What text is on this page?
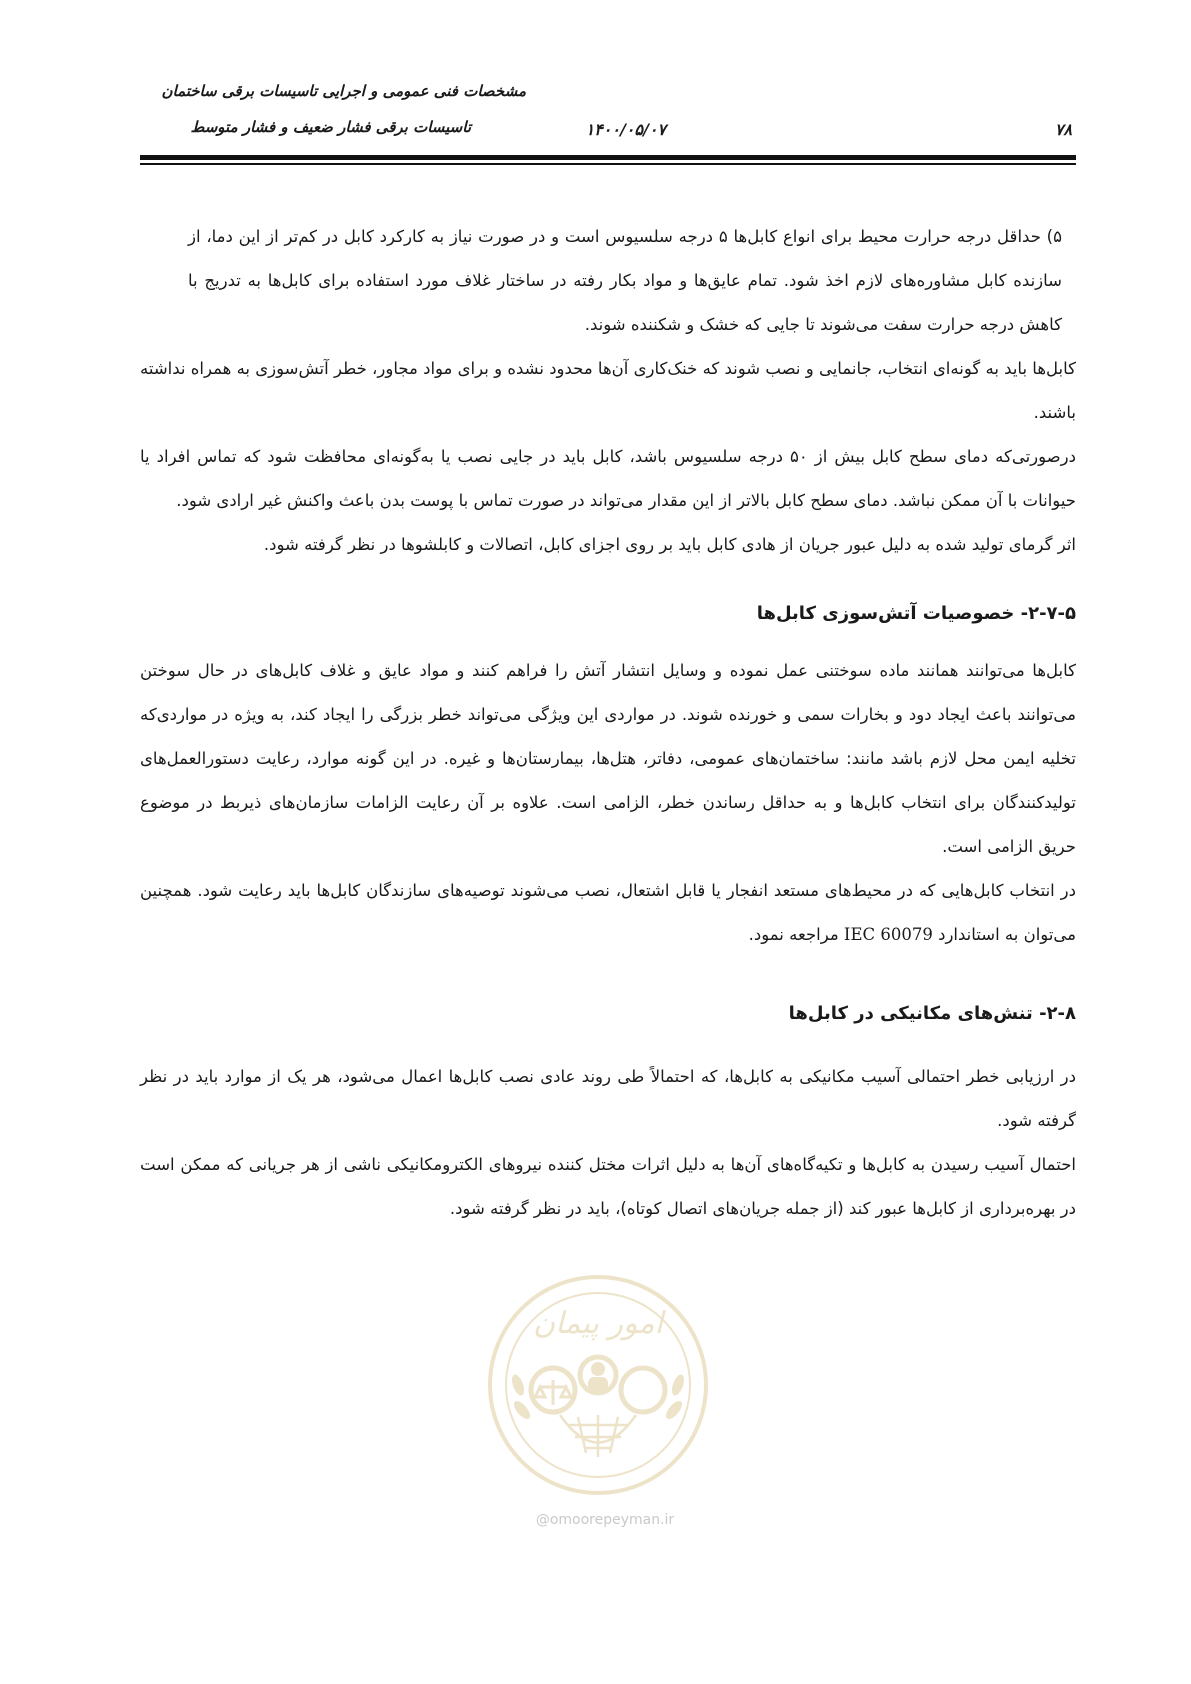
مشخصات فنی عمومی و اجرایی تاسیسات برقی ساختمان
تاسیسات برقی فشار ضعیف و فشار متوسط	۱۴۰۰/۰۵/۰۷	۷۸

۵) حداقل درجه حرارت محیط برای انواع کابل‌ها ۵ درجه سلسیوس است و در صورت نیاز به کارکرد کابل در کم‌تر از این دما، از سازنده کابل مشاوره‌های لازم اخذ شود. تمام عایق‌ها و مواد بکار رفته در ساختار غلاف مورد استفاده برای کابل‌ها به تدریج با کاهش درجه حرارت سفت می‌شوند تا جایی که خشک و شکننده شوند.

کابل‌ها باید به گونه‌ای انتخاب، جانمایی و نصب شوند که خنک‌کاری آن‌ها محدود نشده و برای مواد مجاور، خطر آتش‌سوزی به همراه نداشته باشند.

درصورتی‌که دمای سطح کابل بیش از ۵۰ درجه سلسیوس باشد، کابل باید در جایی نصب یا به‌گونه‌ای محافظت شود که تماس افراد یا حیوانات با آن ممکن نباشد. دمای سطح کابل بالاتر از این مقدار می‌تواند در صورت تماس با پوست بدن باعث واکنش غیر ارادی شود.

اثر گرمای تولید شده به دلیل عبور جریان از هادی کابل باید بر روی اجزای کابل، اتصالات و کابلشوها در نظر گرفته شود.

۲-۷-۵- خصوصیات آتش‌سوزی کابل‌ها

کابل‌ها می‌توانند همانند ماده سوختنی عمل نموده و وسایل انتشار آتش را فراهم کنند و مواد عایق و غلاف کابل‌های در حال سوختن می‌توانند باعث ایجاد دود و بخارات سمی و خورنده شوند. در مواردی این ویژگی می‌تواند خطر بزرگی را ایجاد کند، به ویژه در مواردی‌که تخلیه ایمن محل لازم باشد مانند: ساختمان‌های عمومی، دفاتر، هتل‌ها، بیمارستان‌ها و غیره. در این گونه موارد، رعایت دستورالعمل‌های تولیدکنندگان برای انتخاب کابل‌ها و به حداقل رساندن خطر، الزامی است. علاوه بر آن رعایت الزامات سازمان‌های ذیربط در موضوع حریق الزامی است.

در انتخاب کابل‌هایی که در محیط‌های مستعد انفجار یا قابل اشتعال، نصب می‌شوند توصیه‌های سازندگان کابل‌ها باید رعایت شود. همچنین می‌توان به استاندارد IEC 60079 مراجعه نمود.

۲-۸- تنش‌های مکانیکی در کابل‌ها

در ارزیابی خطر احتمالی آسیب مکانیکی به کابل‌ها، که احتمالاً طی روند عادی نصب کابل‌ها اعمال می‌شود، هر یک از موارد باید در نظر گرفته شود.

احتمال آسیب رسیدن به کابل‌ها و تکیه‌گاه‌های آن‌ها به دلیل اثرات مختل کننده نیروهای الکترومکانیکی ناشی از هر جریانی که ممکن است در بهره‌برداری از کابل‌ها عبور کند (از جمله جریان‌های اتصال کوتاه)، باید در نظر گرفته شود.

امور پیمان
@omoorepeyman.ir
